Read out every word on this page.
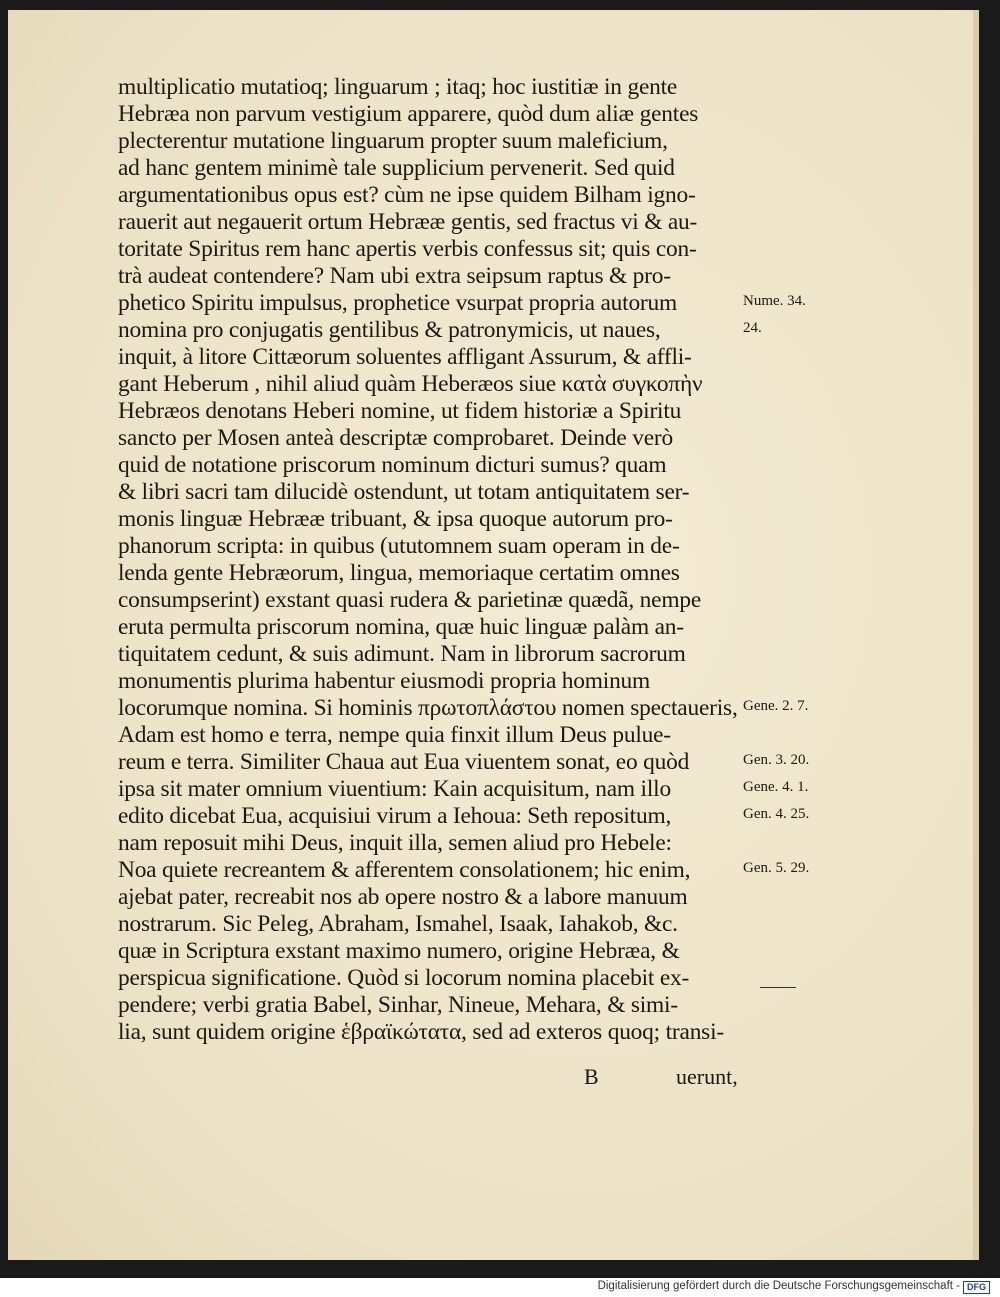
multiplicatio mutatioq; linguarum ; itaq; hoc iustitiæ in gente
Hebræa non parvum vestigium apparere, quòd dum aliæ gentes
plecterentur mutatione linguarum propter suum maleficium,
ad hanc gentem minimè tale supplicium pervenerit. Sed quid
argumentationibus opus est? cùm ne ipse quidem Bilham igno-
rauerit aut negauerit ortum Hebrææ gentis, sed fractus vi & au-
toritate Spiritus rem hanc apertis verbis confessus sit; quis con-
trà audeat contendere? Nam ubi extra seipsum raptus & pro-
phetico Spiritu impulsus, prophetice vsurpat propria autorum
nomina pro conjugatis gentilibus & patronymicis, ut naues,
inquit, à litore Cittæorum soluentes affligant Assurum, & affli-
gant Heberum , nihil aliud quàm Heberæos siue κατὰ συγκοπὴν
Hebræos denotans Heberi nomine, ut fidem historiæ a Spiritu
sancto per Mosen anteà descriptæ comprobaret. Deinde verò
quid de notatione priscorum nominum dicturi sumus? quam
& libri sacri tam dilucidè ostendunt, ut totam antiquitatem ser-
monis linguæ Hebrææ tribuant, & ipsa quoque autorum pro-
phanorum scripta: in quibus (ututomnem suam operam in de-
lenda gente Hebræorum, lingua, memoriaque certatim omnes
consumpserint) exstant quasi rudera & parietinæ quædã, nempe
eruta permulta priscorum nomina, quæ huic linguæ palàm an-
tiquitatem cedunt, & suis adimunt. Nam in librorum sacrorum
monumentis plurima habentur eiusmodi propria hominum
locorumque nomina. Si hominis πρωτοπλάστου nomen spectaueris,
Adam est homo e terra, nempe quia finxit illum Deus pulue-
reum e terra. Similiter Chaua aut Eua viuentem sonat, eo quòd
ipsa sit mater omnium viuentium: Kain acquisitum, nam illo
edito dicebat Eua, acquisiui virum a Iehoua: Seth repositum,
nam reposuit mihi Deus, inquit illa, semen aliud pro Hebele:
Noa quiete recreantem & afferentem consolationem; hic enim,
ajebat pater, recreabit nos ab opere nostro & a labore manuum
nostrarum. Sic Peleg, Abraham, Ismahel, Isaak, Iahakob, &c.
quæ in Scriptura exstant maximo numero, origine Hebræa, &
perspicua significatione. Quòd si locorum nomina placebit ex-
pendere; verbi gratia Babel, Sinhar, Nineue, Mehara, & simi-
lia, sunt quidem origine ἑβραϊκώτατα, sed ad exteros quoq; transi-
Nume. 34.
24.
Gene. 2. 7.
Gen. 3. 20.
Gene. 4. 1.
Gen. 4. 25.
Gen. 5. 29.
B	uerunt,
Digitalisierung gefördert durch die Deutsche Forschungsgemeinschaft - DFG
